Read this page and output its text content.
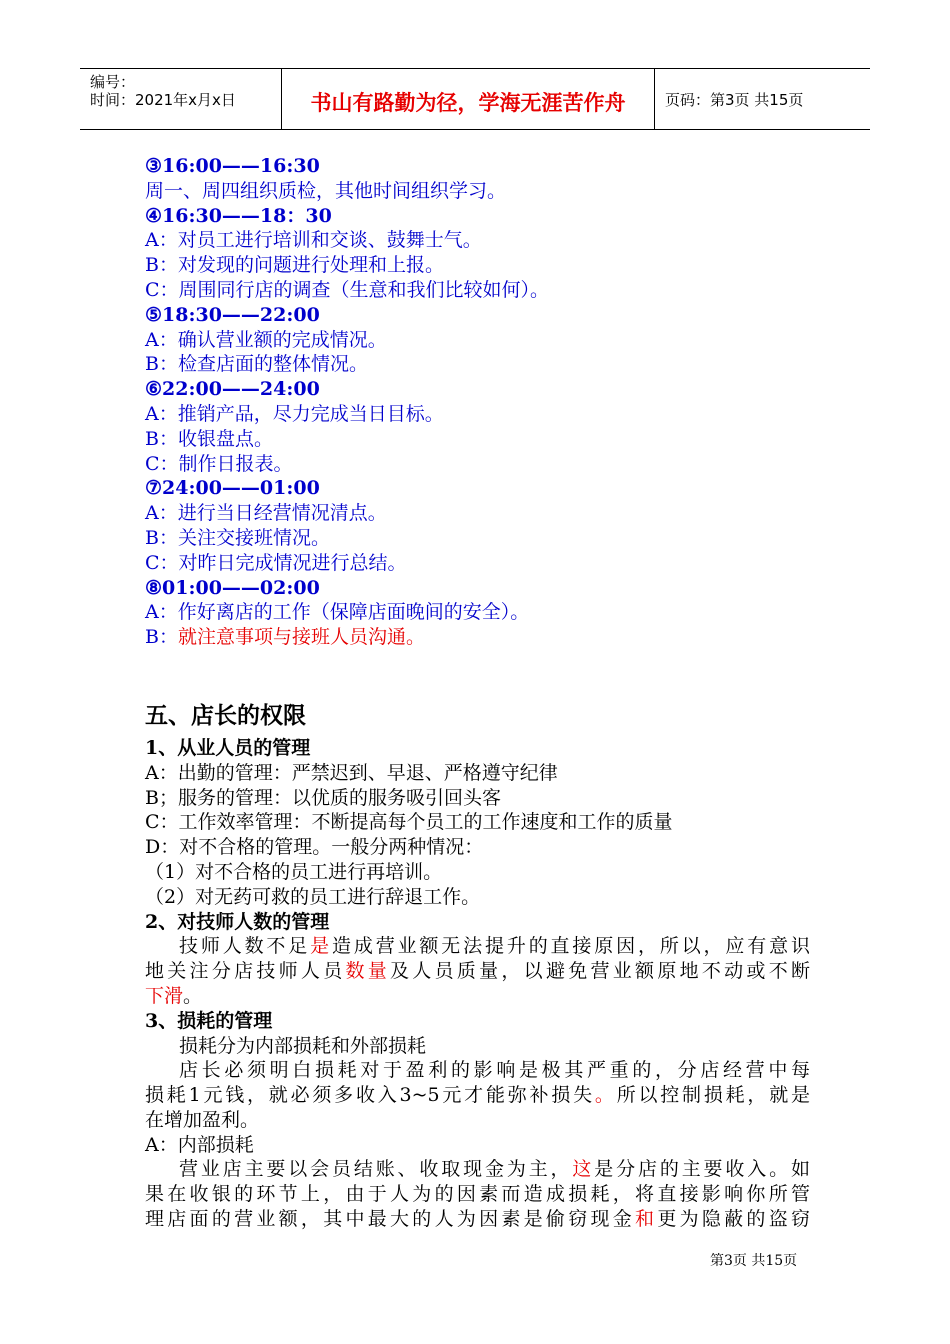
编号：
时间：2021年x月x日	书山有路勤为径，学海无涯苦作舟	页码：第3页 共15页
③16:00——16:30
周一、周四组织质检，其他时间组织学习。
④16:30——18：30
A：对员工进行培训和交谈、鼓舞士气。
B：对发现的问题进行处理和上报。
C：周围同行店的调查（生意和我们比较如何）。
⑤18:30——22:00
A：确认营业额的完成情况。
B：检查店面的整体情况。
⑥22:00——24:00
A：推销产品，尽力完成当日目标。
B：收银盘点。
C：制作日报表。
⑦24:00——01:00
A：进行当日经营情况清点。
B：关注交接班情况。
C：对昨日完成情况进行总结。
⑧01:00——02:00
A：作好离店的工作（保障店面晚间的安全）。
B：就注意事项与接班人员沟通。
五、店长的权限
1、从业人员的管理
A：出勤的管理：严禁迟到、早退、严格遵守纪律
B；服务的管理：以优质的服务吸引回头客
C：工作效率管理：不断提高每个员工的工作速度和工作的质量
D：对不合格的管理。一般分两种情况：
（1）对不合格的员工进行再培训。
（2）对无药可救的员工进行辞退工作。
2、对技师人数的管理
技师人数不足是造成营业额无法提升的直接原因，所以，应有意识
地关注分店技师人员数量及人员质量，以避免营业额原地不动或不断
下滑。
3、损耗的管理
损耗分为内部损耗和外部损耗
店长必须明白损耗对于盈利的影响是极其严重的，分店经营中每
损耗1元钱，就必须多收入3~5元才能弥补损失。所以控制损耗，就是
在增加盈利。
A：内部损耗
营业店主要以会员结账、收取现金为主，这是分店的主要收入。如
果在收银的环节上，由于人为的因素而造成损耗，将直接影响你所管
理店面的营业额，其中最大的人为因素是偷窃现金和更为隐蔽的盗窃
第3页 共15页
